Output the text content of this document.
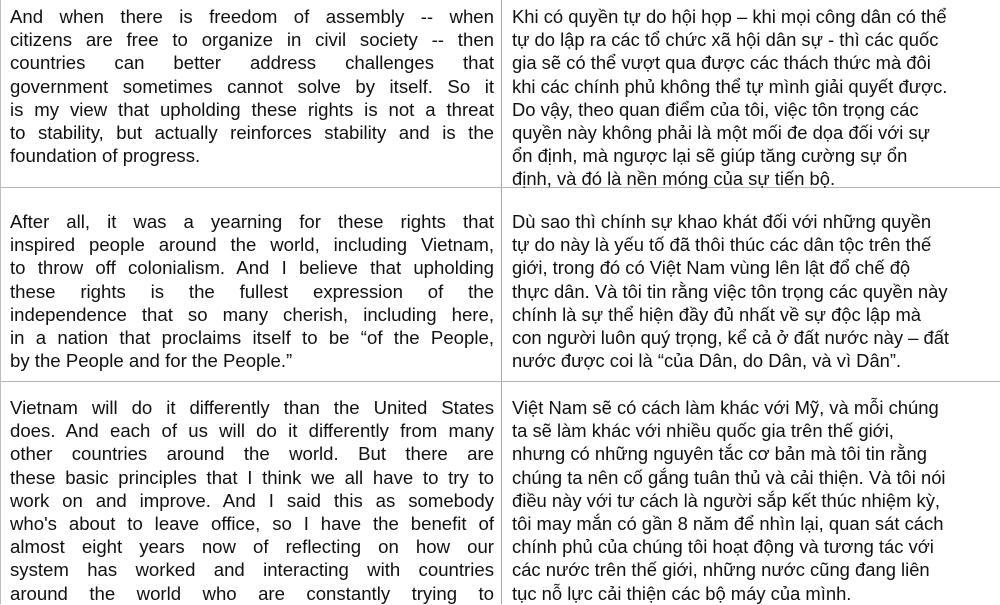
And when there is freedom of assembly -- when
citizens are free to organize in civil society -- then
countries can better address challenges that
government sometimes cannot solve by itself. So it
is my view that upholding these rights is not a threat
to stability, but actually reinforces stability and is the
foundation of progress.
Khi có quyền tự do hội họp – khi mọi công dân có thể
tự do lập ra các tổ chức xã hội dân sự - thì các quốc
gia sẽ có thể vượt qua được các thách thức mà đôi
khi các chính phủ không thể tự mình giải quyết được.
Do vậy, theo quan điểm của tôi, việc tôn trọng các
quyền này không phải là một mối đe dọa đối với sự
ổn định, mà ngược lại sẽ giúp tăng cường sự ổn
định, và đó là nền móng của sự tiến bộ.
After all, it was a yearning for these rights that
inspired people around the world, including Vietnam,
to throw off colonialism. And I believe that upholding
these rights is the fullest expression of the
independence that so many cherish, including here,
in a nation that proclaims itself to be “of the People,
by the People and for the People.”
Dù sao thì chính sự khao khát đối với những quyền
tự do này là yếu tố đã thôi thúc các dân tộc trên thế
giới, trong đó có Việt Nam vùng lên lật đổ chế độ
thực dân. Và tôi tin rằng việc tôn trọng các quyền này
chính là sự thể hiện đầy đủ nhất về sự độc lập mà
con người luôn quý trọng, kể cả ở đất nước này – đất
nước được coi là “của Dân, do Dân, và vì Dân”.
Vietnam will do it differently than the United States
does. And each of us will do it differently from many
other countries around the world. But there are
these basic principles that I think we all have to try to
work on and improve. And I said this as somebody
who's about to leave office, so I have the benefit of
almost eight years now of reflecting on how our
system has worked and interacting with countries
around the world who are constantly trying to
Việt Nam sẽ có cách làm khác với Mỹ, và mỗi chúng
ta sẽ làm khác với nhiều quốc gia trên thế giới,
nhưng có những nguyên tắc cơ bản mà tôi tin rằng
chúng ta nên cố gắng tuân thủ và cải thiện. Và tôi nói
điều này với tư cách là người sắp kết thúc nhiệm kỳ,
tôi may mắn có gần 8 năm để nhìn lại, quan sát cách
chính phủ của chúng tôi hoạt động và tương tác với
các nước trên thế giới, những nước cũng đang liên
tục nỗ lực cải thiện các bộ máy của mình.
